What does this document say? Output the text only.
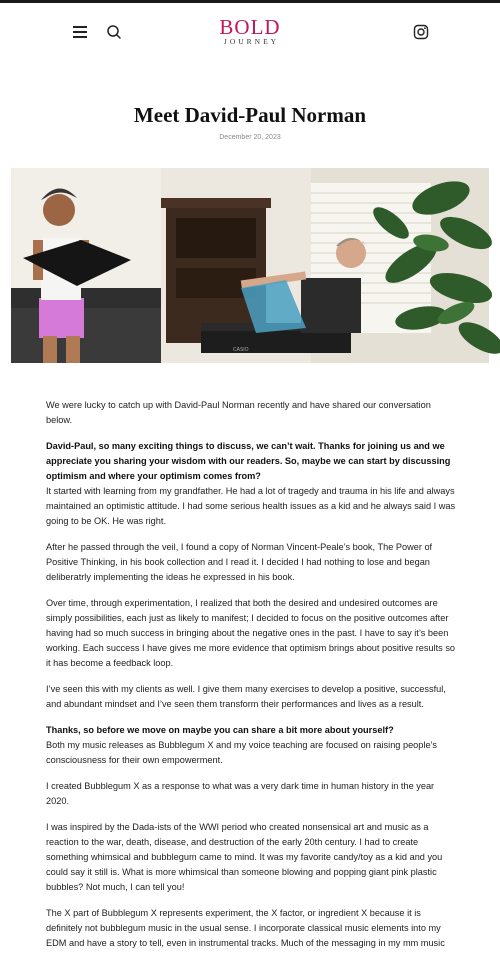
BOLD
JOURNEY
Meet David-Paul Norman
December 20, 2023
CASIO

We were lucky to catch up with David-Paul Norman recently and have shared our conversation below.

David-Paul, so many exciting things to discuss, we can’t wait. Thanks for joining us and we appreciate you sharing your wisdom with our readers. So, maybe we can start by discussing optimism and where your optimism comes from?
It started with learning from my grandfather. He had a lot of tragedy and trauma in his life and always maintained an optimistic attitude. I had some serious health issues as a kid and he always said I was going to be OK. He was right.

After he passed through the veil, I found a copy of Norman Vincent-Peale’s book, The Power of Positive Thinking, in his book collection and I read it. I decided I had nothing to lose and began deliberatrly implementing the ideas he expressed in his book.

Over time, through experimentation, I realized that both the desired and undesired outcomes are simply possibilities, each just as likely to manifest; I decided to focus on the positive outcomes after having had so much success in bringing about the negative ones in the past. I have to say it’s been working. Each success I have gives me more evidence that optimism brings about positive results so it has become a feedback loop.

I’ve seen this with my clients as well. I give them many exercises to develop a positive, successful, and abundant mindset and I’ve seen them transform their performances and lives as a result.

Thanks, so before we move on maybe you can share a bit more about yourself?
Both my music releases as Bubblegum X and my voice teaching are focused on raising people’s consciousness for their own empowerment.

I created Bubblegum X as a response to what was a very dark time in human history in the year 2020.

I was inspired by the Dada-ists of the WWI period who created nonsensical art and music as a reaction to the war, death, disease, and destruction of the early 20th century. I had to create something whimsical and bubblegum came to mind. It was my favorite candy/toy as a kid and you could say it still is. What is more whimsical than someone blowing and popping giant pink plastic bubbles? Not much, I can tell you!

The X part of Bubblegum X represents experiment, the X factor, or ingredient X because it is definitely not bubblegum music in the usual sense. I incorporate classical music elements into my EDM and have a story to tell, even in instrumental tracks. Much of the messaging in my mm music
